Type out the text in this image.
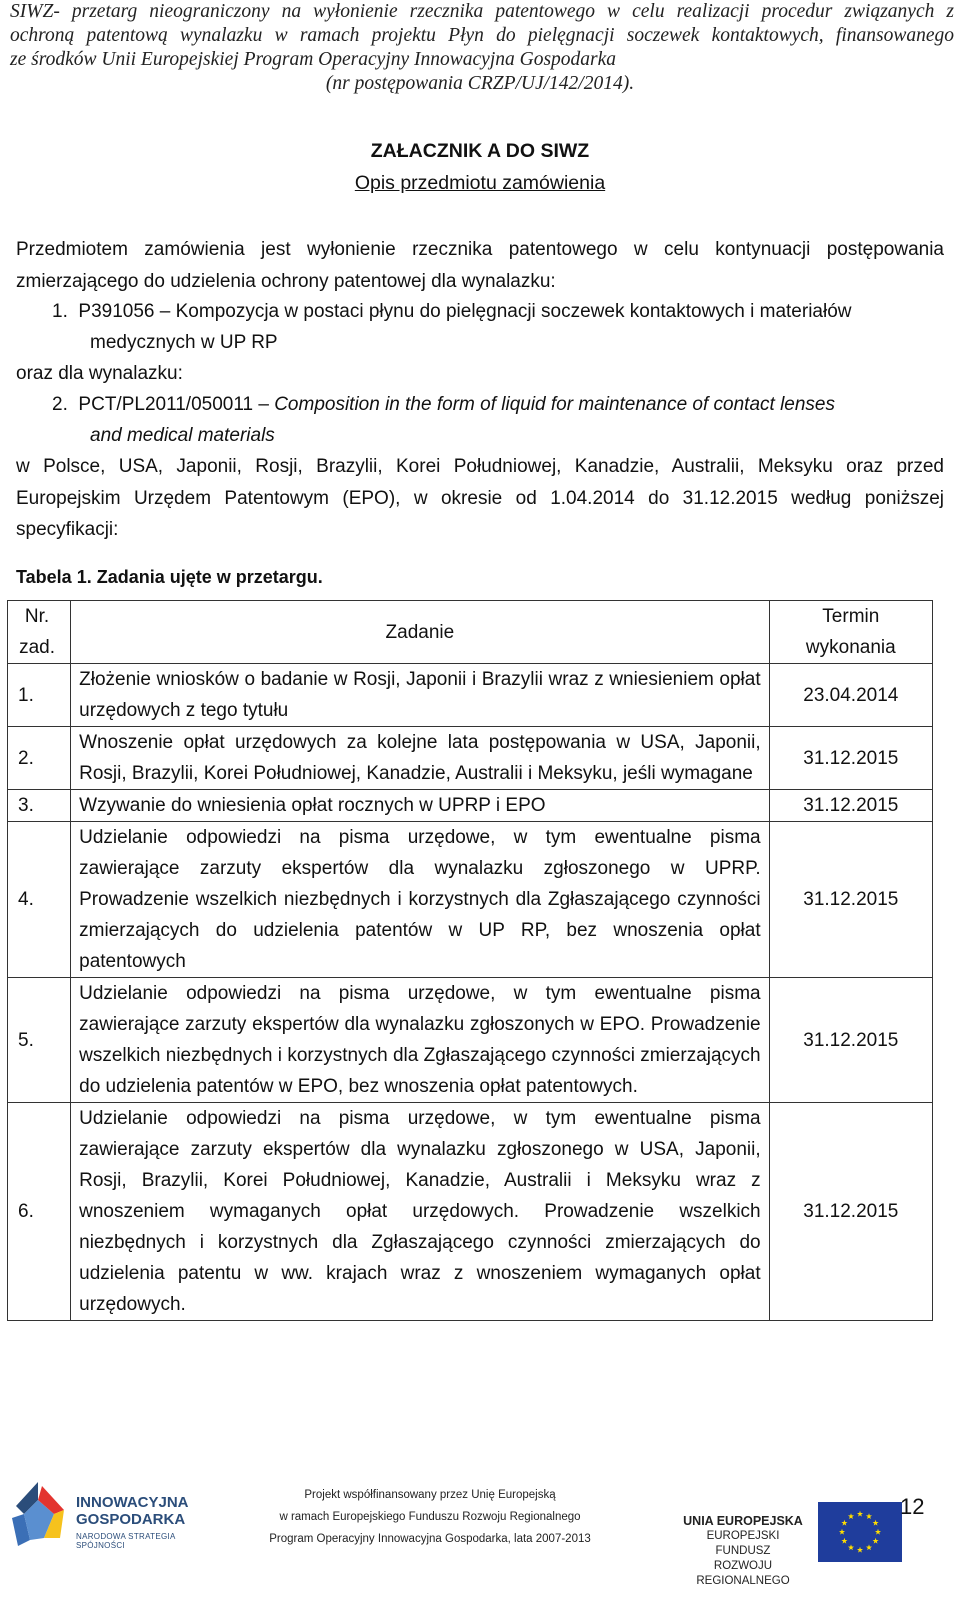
SIWZ- przetarg nieograniczony na wyłonienie rzecznika patentowego w celu realizacji procedur związanych z
ochroną patentową wynalazku w ramach projektu Płyn do pielęgnacji soczewek kontaktowych, finansowanego
ze środków Unii Europejskiej Program Operacyjny Innowacyjna Gospodarka
(nr postępowania CRZP/UJ/142/2014).
ZAŁACZNIK A DO SIWZ
Opis przedmiotu zamówienia
Przedmiotem zamówienia jest wyłonienie rzecznika patentowego w celu kontynuacji postępowania zmierzającego do udzielenia ochrony patentowej dla wynalazku:
1. P391056 – Kompozycja w postaci płynu do pielęgnacji soczewek kontaktowych i materiałów
medycznych w UP RP
oraz dla wynalazku:
2. PCT/PL2011/050011 – Composition in the form of liquid for maintenance of contact lenses
and medical materials
w Polsce, USA, Japonii, Rosji, Brazylii, Korei Południowej, Kanadzie, Australii, Meksyku oraz przed Europejskim Urzędem Patentowym (EPO), w okresie od 1.04.2014 do 31.12.2015 według poniższej specyfikacji:
Tabela 1. Zadania ujęte w przetargu.
Nr. zad.	Zadanie	Termin wykonania
1.	Złożenie wniosków o badanie w Rosji, Japonii i Brazylii wraz z wniesieniem opłat urzędowych z tego tytułu	23.04.2014
2.	Wnoszenie opłat urzędowych za kolejne lata postępowania w USA, Japonii, Rosji, Brazylii, Korei Południowej, Kanadzie, Australii i Meksyku, jeśli wymagane	31.12.2015
3.	Wzywanie do wniesienia opłat rocznych w UPRP i EPO	31.12.2015
4.	Udzielanie odpowiedzi na pisma urzędowe, w tym ewentualne pisma zawierające zarzuty ekspertów dla wynalazku zgłoszonego w UPRP. Prowadzenie wszelkich niezbędnych i korzystnych dla Zgłaszającego czynności zmierzających do udzielenia patentów w UP RP, bez wnoszenia opłat patentowych	31.12.2015
5.	Udzielanie odpowiedzi na pisma urzędowe, w tym ewentualne pisma zawierające zarzuty ekspertów dla wynalazku zgłoszonych w EPO. Prowadzenie wszelkich niezbędnych i korzystnych dla Zgłaszającego czynności zmierzających do udzielenia patentów w EPO, bez wnoszenia opłat patentowych.	31.12.2015
6.	Udzielanie odpowiedzi na pisma urzędowe, w tym ewentualne pisma zawierające zarzuty ekspertów dla wynalazku zgłoszonego w USA, Japonii, Rosji, Brazylii, Korei Południowej, Kanadzie, Australii i Meksyku wraz z wnoszeniem wymaganych opłat urzędowych. Prowadzenie wszelkich niezbędnych i korzystnych dla Zgłaszającego czynności zmierzających do udzielenia patentu w ww. krajach wraz z wnoszeniem wymaganych opłat urzędowych.	31.12.2015
INNOWACYJNA
GOSPODARKA
NARODOWA STRATEGIA SPÓJNOŚCI
Projekt współfinansowany przez Unię Europejską
w ramach Europejskiego Funduszu Rozwoju Regionalnego
Program Operacyjny Innowacyjna Gospodarka, lata 2007-2013
UNIA EUROPEJSKA
EUROPEJSKI FUNDUSZ
ROZWOJU REGIONALNEGO
12
